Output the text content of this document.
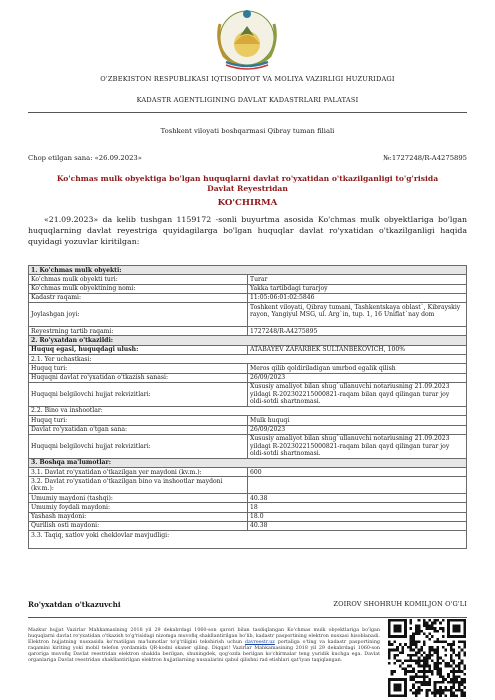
O'ZBEKISTON RESPUBLIKASI IQTISODIYOT VA MOLIYA VAZIRLIGI HUZURIDAGI
KADASTR AGENTLIGINING DAVLAT KADASTRLARI PALATASI
Toshkent viloyati boshqarmasi Qibray tuman filiali
Chop etilgan sana: «26.09.2023»	№:1727248/R-A4275895
Ko'chmas mulk obyektiga bo'lgan huquqlarni davlat ro'yxatidan o'tkazilganligi to'g'risida Davlat Reyestridan
KO'CHIRMA
«21.09.2023» da kelib tushgan 1159172 -sonli buyurtma asosida Ko'chmas mulk obyektlariga bo'lgan huquqlarning davlat reyestriga quyidagilarga bo'lgan huquqlar davlat ro'yxatidan o'tkazilganligi haqida quyidagi yozuvlar kiritilgan:
1. Ko'chmas mulk obyekti:	
Ko'chmas mulk obyekti turi:	Turar
Ko'chmas mulk obyektining nomi:	Yakka tartibdagi turarjoy
Kadastr raqami:	11:05:06:01:02:5846
Joylashgan joyi:	Toshkent viloyati, Qibray tumani, Tashkentskaya oblast`, Kibrayskiy rayon, Yangiyul MSG, ul. Arg`in, tup. 1, 16 Uniflat`nay dom
Reyestrning tartib raqami:	1727248/R-A4275895
2. Ro'yxatdan o'tkazildi:	
Huquq egasi, huquqdagi ulush:	ATABAYEV ZAFARBEK SULTANBEKOVICH, 100%
2.1. Yer uchastkasi:	
Huquq turi:	Meros qilib qoldiriladigan umrbod egalik qilish
Huquqni davlat ro'yxatidan o'tkazish sanasi:	26/09/2023
Huquqni belgilovchi hujjat rekvizitlari:	Xususiy amaliyot bilan shug`ullanuvchi notariusning 21.09.2023 yildagi R-202302215000821-raqam bilan qayd qilingan turar joy oldi-sotdi shartnomasi.
2.2. Bino va inshootlar:	
Huquq turi:	Mulk huquqi
Davlat ro'yxatidan o'tgan sana:	26/09/2023
Huquqni belgilovchi hujjat rekvizitlari:	Xususiy amaliyot bilan shug`ullanuvchi notariusning 21.09.2023 yildagi R-202302215000821-raqam bilan qayd qilingan turar joy oldi-sotdi shartnomasi.
3. Boshqa ma'lumotlar:	
3.1. Davlat ro'yxatidan o'tkazilgan yer maydoni (kv.m.):	600
3.2. Davlat ro'yxatidan o'tkazilgan bino va inshootlar maydoni (kv.m.):	
Umumiy maydoni (tashqi):	40.38
Umumiy foydali maydoni:	18
Yashash maydoni:	18.0
Qurilish osti maydoni:	40.38
3.3. Taqiq, xatlov yoki cheklovlar mavjudligi:	
Ro'yxatdan o'tkazuvchi	ZOIROV SHOHRUH KOMILJON O'G'LI
Mazkur hujjat Vazirlar Mahkamasining 2018 yil 29 dekabrdagi 1060-son qarori bilan tasdiqlangan Ko'chmas mulk obyektlariga bo'lgan huquqlarni davlat ro'yxatidan o'tkazish to'g'risidagi nizomga muvofiq shakllantirilgan bo'lib, kadastr pasportining elektron nusxasi hisoblanadi. Elektron hujjatning nusxasida ko'rsatilgan ma'lumotlar to'g'riligini tekshirish uchun davreestr.uz portaliga o'ting va kadastr pasportining raqamini kiriting yoki mobil telefon yordamida QR-kodni skaner qiling. Diqqat! Vazirlar Mahkamasining 2018 yil 29 dekabrdagi 1060-son qaroriga muvofiq Davlat reestridan elektron shaklda berilgan, shuningdek, qog'ozda berilgan ko'chirmalar teng yuridik kuchga ega. Davlat organlariga Davlat reestridan shakllantirilgan elektron hujjatlarning nusxalarini qabul qilishni rad etishlari qat'iyan taqiqlangan.
